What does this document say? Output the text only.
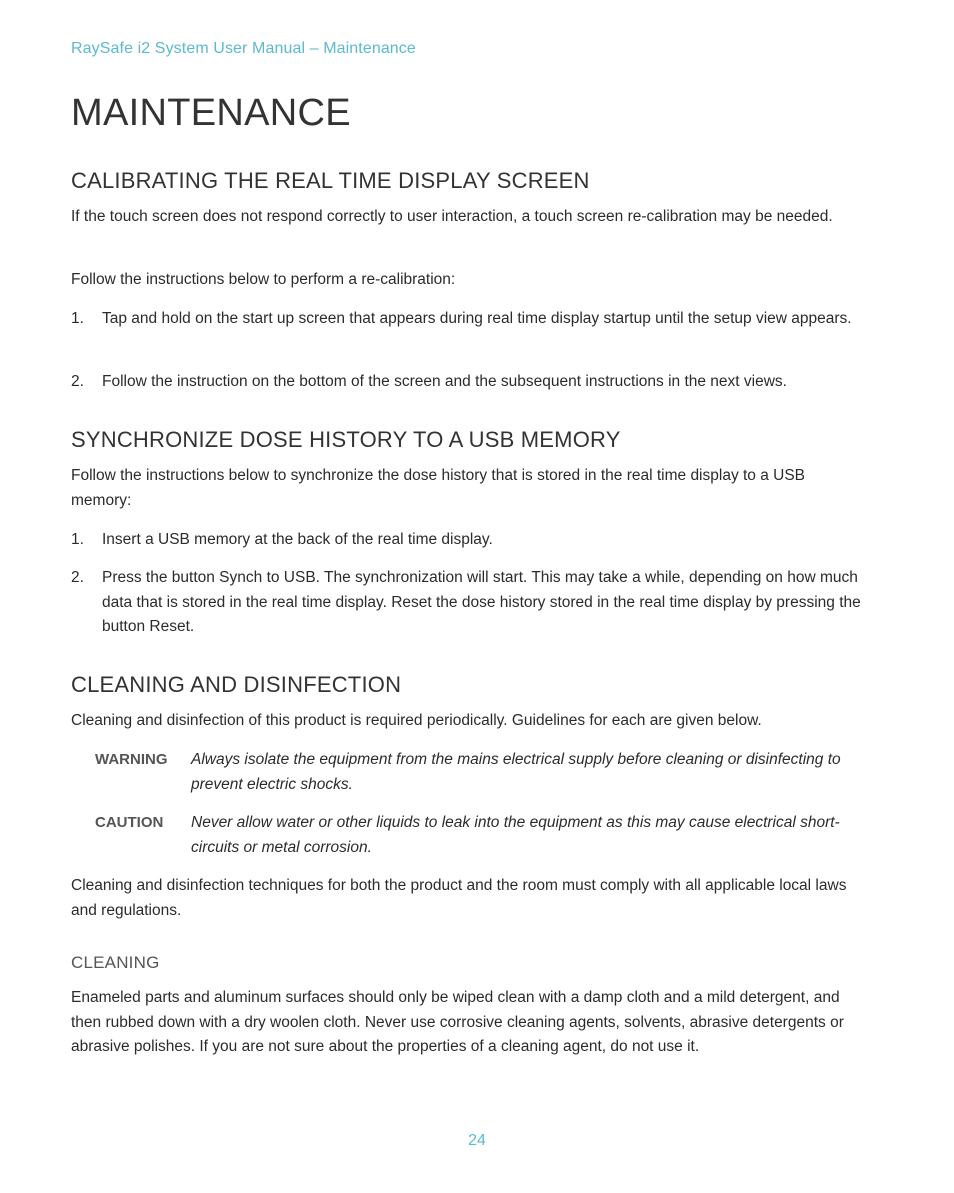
RaySafe i2 System User Manual – Maintenance
MAINTENANCE
CALIBRATING THE REAL TIME DISPLAY SCREEN

If the touch screen does not respond correctly to user interaction, a touch screen re-calibration may be needed.

Follow the instructions below to perform a re-calibration:

1. Tap and hold on the start up screen that appears during real time display startup until the setup view appears.
2. Follow the instruction on the bottom of the screen and the subsequent instructions in the next views.
SYNCHRONIZE DOSE HISTORY TO A USB MEMORY

Follow the instructions below to synchronize the dose history that is stored in the real time display to a USB memory:

1. Insert a USB memory at the back of the real time display.
2. Press the button Synch to USB. The synchronization will start. This may take a while, depending on how much data that is stored in the real time display. Reset the dose history stored in the real time display by pressing the button Reset.
CLEANING AND DISINFECTION

Cleaning and disinfection of this product is required periodically. Guidelines for each are given below.

WARNING Always isolate the equipment from the mains electrical supply before cleaning or disinfecting to prevent electric shocks.
CAUTION Never allow water or other liquids to leak into the equipment as this may cause electrical short-circuits or metal corrosion.

Cleaning and disinfection techniques for both the product and the room must comply with all applicable local laws and regulations.

CLEANING

Enameled parts and aluminum surfaces should only be wiped clean with a damp cloth and a mild detergent, and then rubbed down with a dry woolen cloth. Never use corrosive cleaning agents, solvents, abrasive detergents or abrasive polishes. If you are not sure about the properties of a cleaning agent, do not use it.

24
